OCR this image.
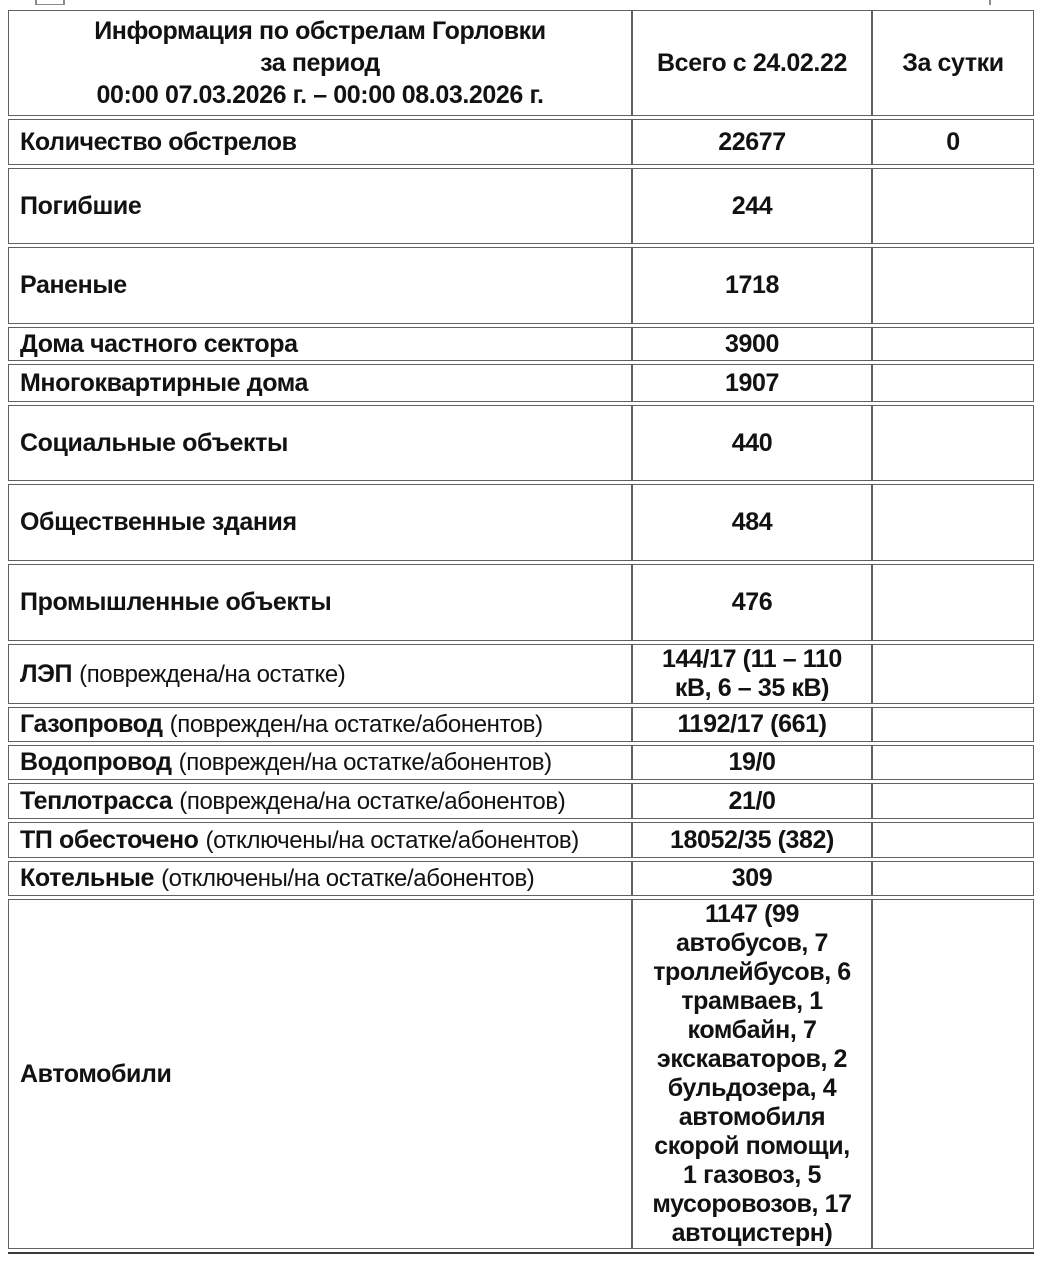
Информация по обстрелам Горловки
за период
00:00 07.03.2026 г. – 00:00 08.03.2026 г.	Всего с 24.02.22	За сутки
Количество обстрелов	22677	0
Погибшие	244	
Раненые	1718	
Дома частного сектора	3900	
Многоквартирные дома	1907	
Социальные объекты	440	
Общественные здания	484	
Промышленные объекты	476	
ЛЭП (повреждена/на остатке)	144/17 (11 – 110 кВ, 6 – 35 кВ)	
Газопровод (поврежден/на остатке/абонентов)	1192/17 (661)	
Водопровод (поврежден/на остатке/абонентов)	19/0	
Теплотрасса (повреждена/на остатке/абонентов)	21/0	
ТП обесточено (отключены/на остатке/абонентов)	18052/35 (382)	
Котельные (отключены/на остатке/абонентов)	309	
Автомобили	1147 (99 автобусов, 7 троллейбусов, 6 трамваев, 1 комбайн, 7 экскаваторов, 2 бульдозера, 4 автомобиля скорой помощи, 1 газовоз, 5 мусоровозов, 17 автоцистерн)	
